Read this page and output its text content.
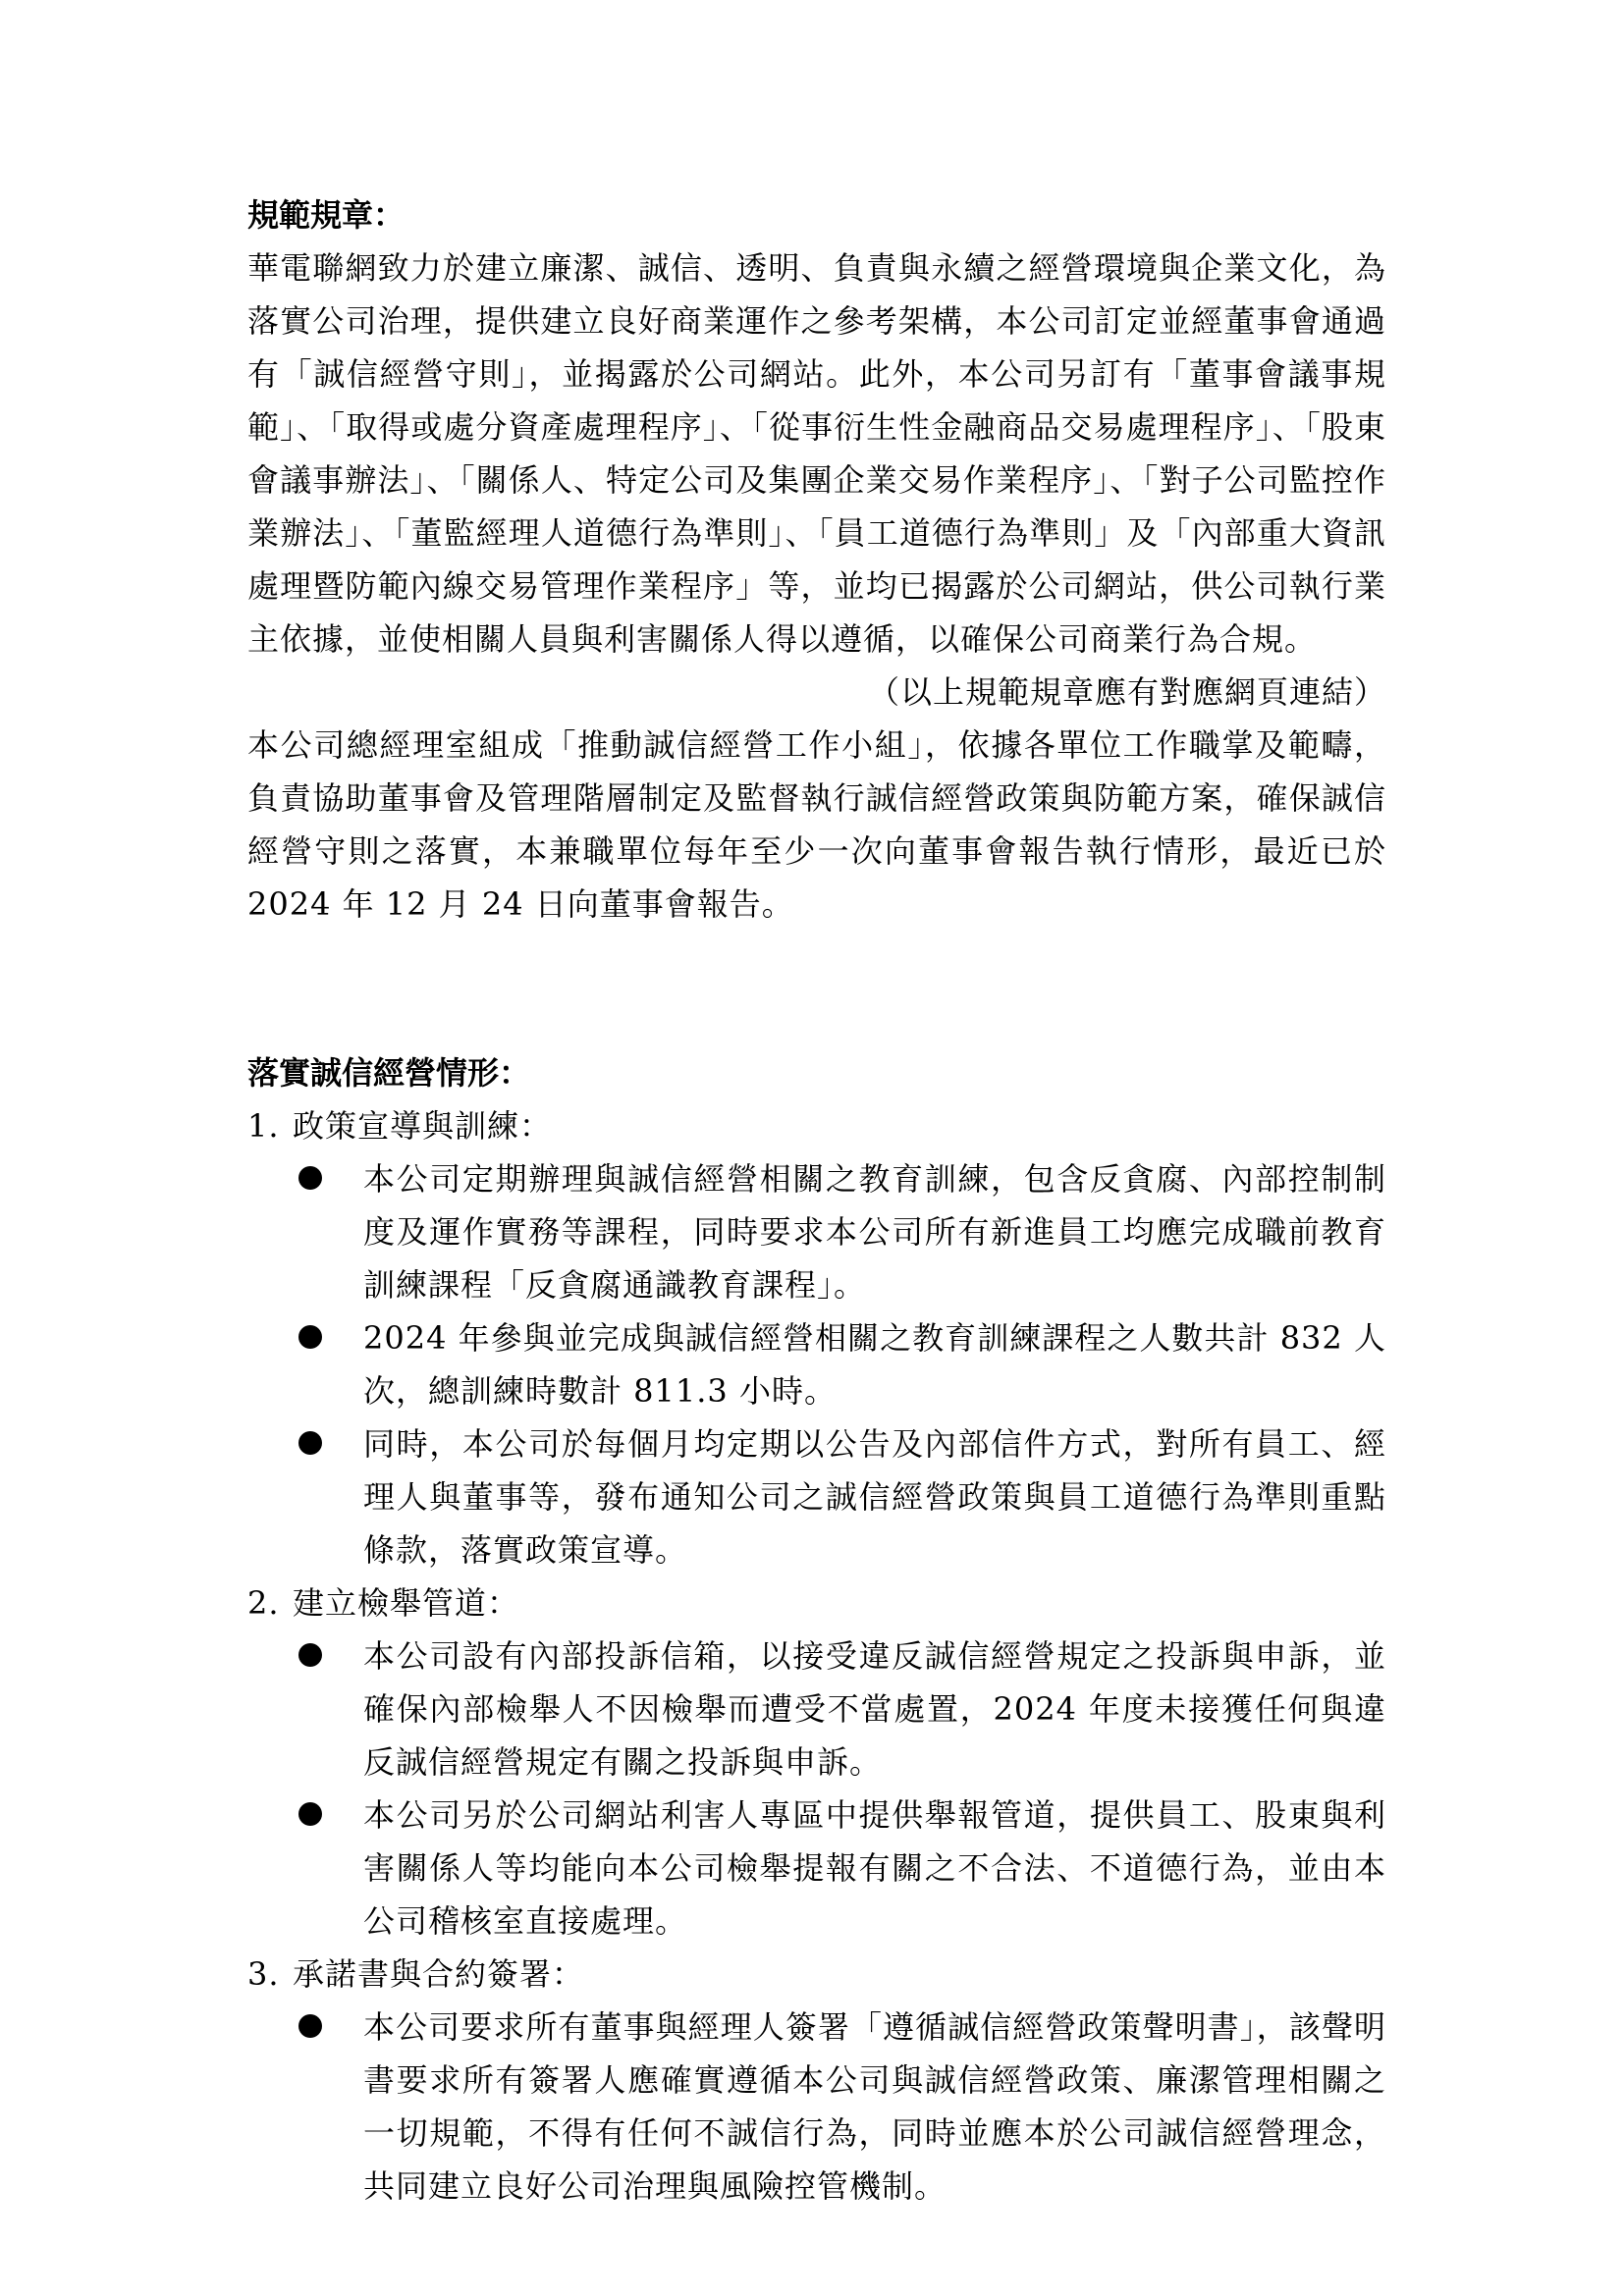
規範規章：

華電聯網致力於建立廉潔、誠信、透明、負責與永續之經營環境與企業文化，為落實公司治理，提供建立良好商業運作之參考架構，本公司訂定並經董事會通過有「誠信經營守則」，並揭露於公司網站。此外，本公司另訂有「董事會議事規範」、「取得或處分資產處理程序」、「從事衍生性金融商品交易處理程序」、「股東會議事辦法」、「關係人、特定公司及集團企業交易作業程序」、「對子公司監控作業辦法」、「董監經理人道德行為準則」、「員工道德行為準則」及「內部重大資訊處理暨防範內線交易管理作業程序」等，並均已揭露於公司網站，供公司執行業主依據，並使相關人員與利害關係人得以遵循，以確保公司商業行為合規。

（以上規範規章應有對應網頁連結）

本公司總經理室組成「推動誠信經營工作小組」，依據各單位工作職掌及範疇，負責協助董事會及管理階層制定及監督執行誠信經營政策與防範方案，確保誠信經營守則之落實，本兼職單位每年至少一次向董事會報告執行情形，最近已於 2024 年 12 月 24 日向董事會報告。

落實誠信經營情形：
1. 政策宣導與訓練：
本公司定期辦理與誠信經營相關之教育訓練，包含反貪腐、內部控制制度及運作實務等課程，同時要求本公司所有新進員工均應完成職前教育訓練課程「反貪腐通識教育課程」。
2024 年參與並完成與誠信經營相關之教育訓練課程之人數共計 832 人次，總訓練時數計 811.3 小時。
同時，本公司於每個月均定期以公告及內部信件方式，對所有員工、經理人與董事等，發布通知公司之誠信經營政策與員工道德行為準則重點條款，落實政策宣導。
2. 建立檢舉管道：
本公司設有內部投訴信箱，以接受違反誠信經營規定之投訴與申訴，並確保內部檢舉人不因檢舉而遭受不當處置，2024 年度未接獲任何與違反誠信經營規定有關之投訴與申訴。
本公司另於公司網站利害人專區中提供舉報管道，提供員工、股東與利害關係人等均能向本公司檢舉提報有關之不合法、不道德行為，並由本公司稽核室直接處理。
3. 承諾書與合約簽署：
本公司要求所有董事與經理人簽署「遵循誠信經營政策聲明書」，該聲明書要求所有簽署人應確實遵循本公司與誠信經營政策、廉潔管理相關之一切規範，不得有任何不誠信行為，同時並應本於公司誠信經營理念，共同建立良好公司治理與風險控管機制。
